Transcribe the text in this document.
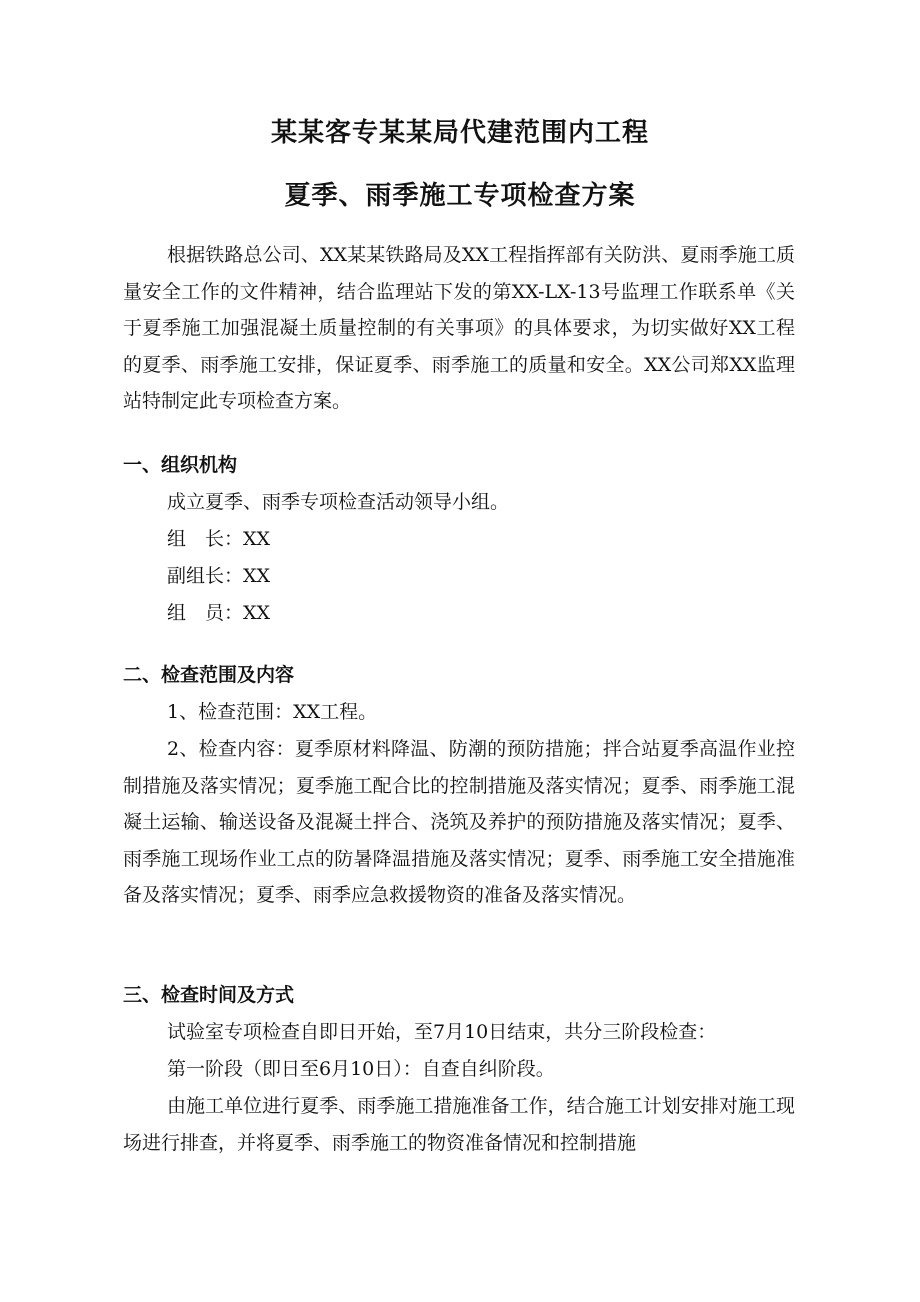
某某客专某某局代建范围内工程
夏季、雨季施工专项检查方案

根据铁路总公司、XX某某铁路局及XX工程指挥部有关防洪、夏雨季施工质量安全工作的文件精神，结合监理站下发的第XX-LX-13号监理工作联系单《关于夏季施工加强混凝土质量控制的有关事项》的具体要求，为切实做好XX工程的夏季、雨季施工安排，保证夏季、雨季施工的质量和安全。XX公司郑XX监理站特制定此专项检查方案。

一、组织机构

成立夏季、雨季专项检查活动领导小组。

组　长：XX

副组长：XX

组　员：XX

二、检查范围及内容

1、检查范围：XX工程。

2、检查内容：夏季原材料降温、防潮的预防措施；拌合站夏季高温作业控制措施及落实情况；夏季施工配合比的控制措施及落实情况；夏季、雨季施工混凝土运输、输送设备及混凝土拌合、浇筑及养护的预防措施及落实情况；夏季、雨季施工现场作业工点的防暑降温措施及落实情况；夏季、雨季施工安全措施准备及落实情况；夏季、雨季应急救援物资的准备及落实情况。

三、检查时间及方式

试验室专项检查自即日开始，至7月10日结束，共分三阶段检查：

第一阶段（即日至6月10日）：自查自纠阶段。

由施工单位进行夏季、雨季施工措施准备工作，结合施工计划安排对施工现场进行排查，并将夏季、雨季施工的物资准备情况和控制措施
